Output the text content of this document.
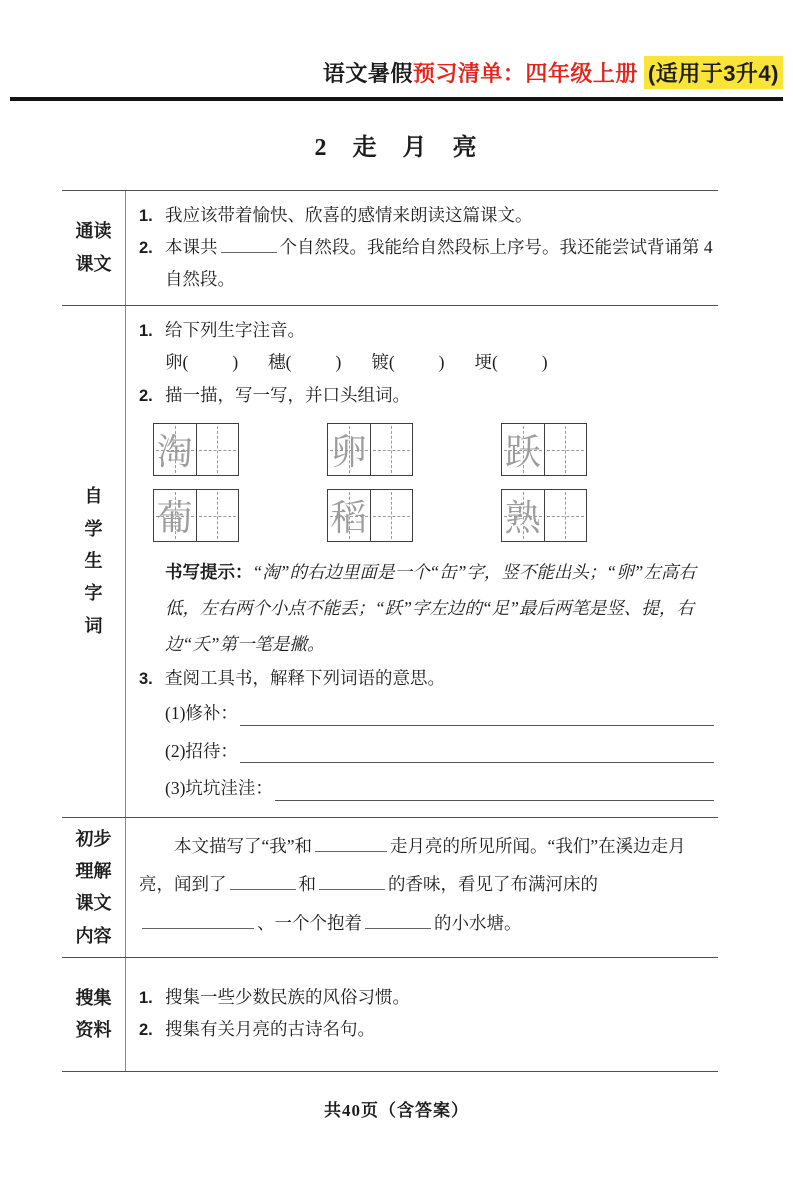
语文暑假预习清单：四年级上册 (适用于3升4)
2 走 月 亮
通读
课文
1. 我应该带着愉快、欣喜的感情来朗读这篇课文。
2. 本课共	个自然段。我能给自然段标上序号。我还能尝试背诵第 4 自然段。
自
学
生
字
词
1. 给下列生字注音。
卵(	) 穗(	) 镀(	) 埂(	)
2. 描一描，写一写，并口头组词。
淘	卵	跃
葡	稻	熟
书写提示：“淘”的右边里面是一个“缶”字，竖不能出头；“卵”左高右低，左右两个小点不能丢；“跃”字左边的“足”最后两笔是竖、提，右边“夭”第一笔是撇。
3. 查阅工具书，解释下列词语的意思。
(1)修补：
(2)招待：
(3)坑坑洼洼：
初步
理解
课文
内容

本文描写了“我”和	走月亮的所见所闻。“我们”在溪边走月亮，闻到了	和	的香味，看见了布满河床的、一个个抱着	的小水塘。

搜集
资料
1. 搜集一些少数民族的风俗习惯。
2. 搜集有关月亮的古诗名句。
共40页（含答案）
